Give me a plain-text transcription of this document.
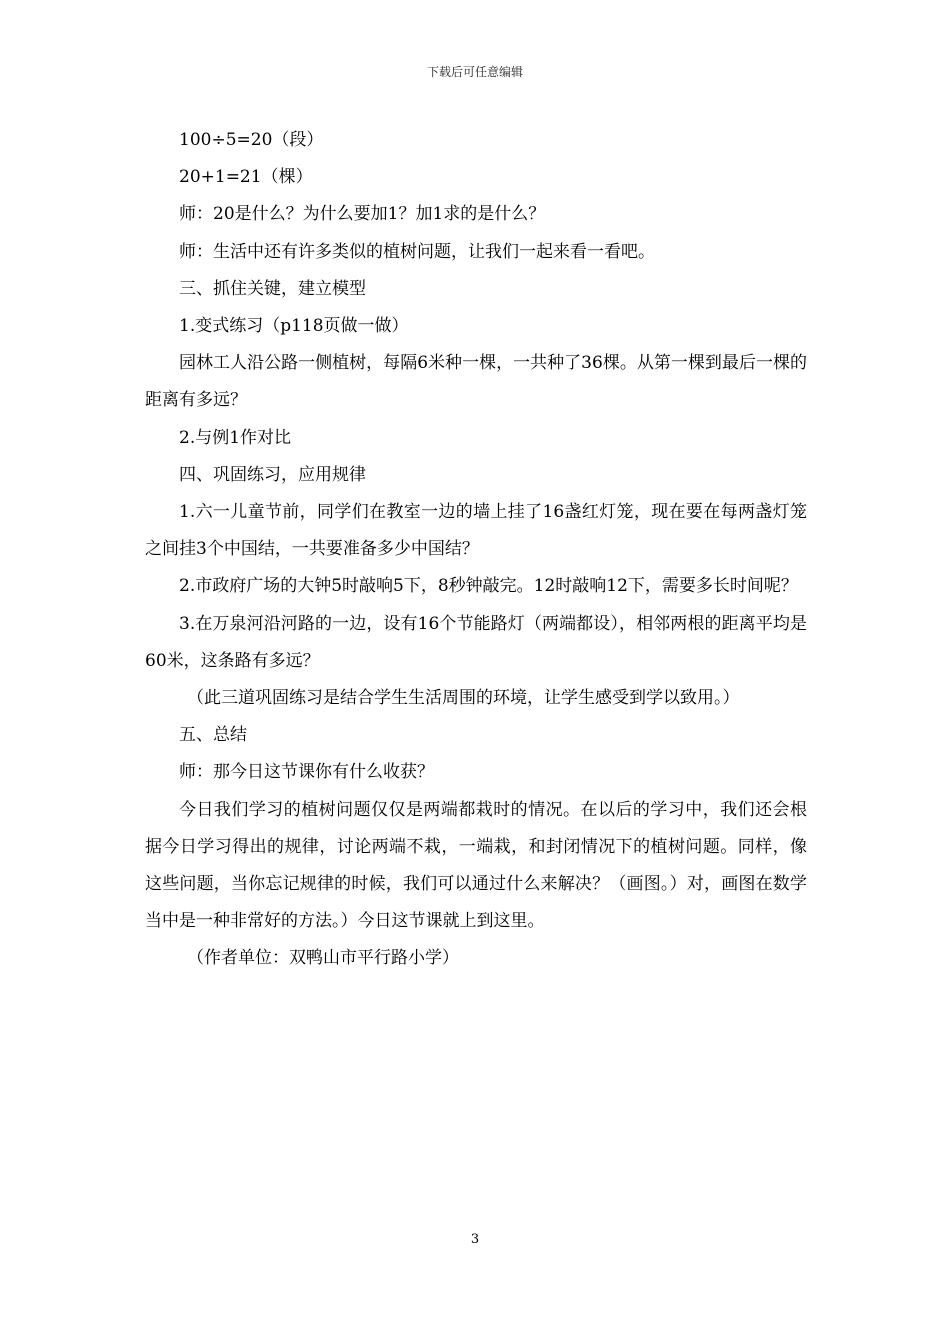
下载后可任意编辑

100÷5=20（段）

20+1=21（棵）

师：20是什么？为什么要加1？加1求的是什么？

师：生活中还有许多类似的植树问题，让我们一起来看一看吧。

三、抓住关键，建立模型

1.变式练习（p118页做一做）

园林工人沿公路一侧植树，每隔6米种一棵，一共种了36棵。从第一棵到最后一棵的距离有多远？

2.与例1作对比

四、巩固练习，应用规律

1.六一儿童节前，同学们在教室一边的墙上挂了16盏红灯笼，现在要在每两盏灯笼之间挂3个中国结，一共要准备多少中国结？

2.市政府广场的大钟5时敲响5下，8秒钟敲完。12时敲响12下，需要多长时间呢？

3.在万泉河沿河路的一边，设有16个节能路灯（两端都设），相邻两根的距离平均是60米，这条路有多远？

（此三道巩固练习是结合学生生活周围的环境，让学生感受到学以致用。）

五、总结

师：那今日这节课你有什么收获？

今日我们学习的植树问题仅仅是两端都栽时的情况。在以后的学习中，我们还会根据今日学习得出的规律，讨论两端不栽，一端栽，和封闭情况下的植树问题。同样，像这些问题，当你忘记规律的时候，我们可以通过什么来解决？（画图。）对，画图在数学当中是一种非常好的方法。）今日这节课就上到这里。

（作者单位：双鸭山市平行路小学）

3
